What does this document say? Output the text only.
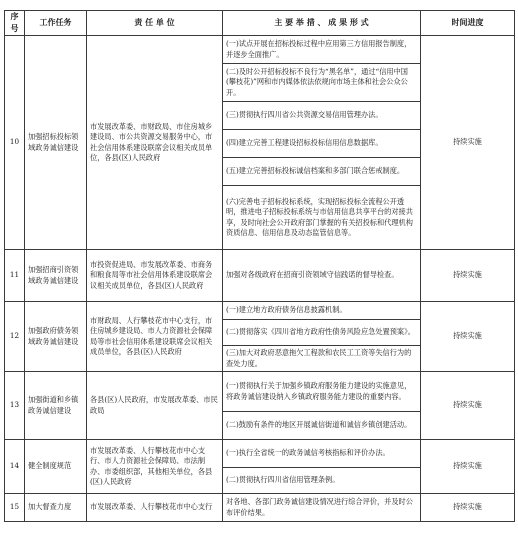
序号	工作任务	责 任 单 位	主 要 举 措 、 成 果 形 式	时间进度
10	加强招标投标领域政务诚信建设	市发展改革委、市财政局、市住房城乡建设局、市公共资源交易服务中心，市社会信用体系建设联席会议相关成员单位，各县(区)人民政府	(一)试点开展在招标投标过程中应用第三方信用报告制度，并逐步全面推广。	持续实施
			(二)及时公开招标投标不良行为“黑名单”，通过“信用中国(攀枝花)”网和市内媒体依法依规向市场主体和社会公众公开。	
			(三)贯彻执行四川省公共资源交易信用管理办法。	
			(四)建立完善工程建设招标投标信用信息数据库。	
			(五)建立完善招标投标诚信档案和多部门联合惩戒制度。	
			(六)完善电子招标投标系统，实现招标投标全流程公开透明，推进电子招标投标系统与市信用信息共享平台的对接共享，及时向社会公开政府部门掌握的有关招投标和代理机构资质信息、信用信息及动态监管信息等。	
11	加强招商引资领域政务诚信建设	市投资促进局、市发展改革委、市商务和粮食局等市社会信用体系建设联席会议相关成员单位，各县(区)人民政府	加强对各级政府在招商引资领域守信践诺的督导检查。	持续实施
12	加强政府债务领域政务诚信建设	市财政局、人行攀枝花市中心支行，市住房城乡建设局、市人力资源社会保障局等市社会信用体系建设联席会议相关成员单位，各县(区)人民政府	(一)建立地方政府债务信息披露机制。	持续实施
			(二)贯彻落实《四川省地方政府性债务风险应急处置预案》。	
			(三)加大对政府恶意拖欠工程款和农民工工资等失信行为的查处力度。	
13	加强街道和乡镇政务诚信建设	各县(区)人民政府，市发展改革委、市民政局	(一)贯彻执行关于加强乡镇政府服务能力建设的实施意见，将政务诚信建设纳入乡镇政府服务能力建设的重要内容。	持续实施
			(二)鼓励有条件的地区开展诚信街道和诚信乡镇创建活动。	
14	健全制度规范	市发展改革委、人行攀枝花市中心支行、市人力资源社会保障局、市法制办、市委组织部，其他相关单位，各县(区)人民政府	(一)执行全省统一的政务诚信考核指标和评价办法。	持续实施
			(二)贯彻执行四川省信用管理条例。	
15	加大督查力度	市发展改革委、人行攀枝花市中心支行	对各地、各部门政务诚信建设情况进行综合评价，并及时公布评价结果。	持续实施
